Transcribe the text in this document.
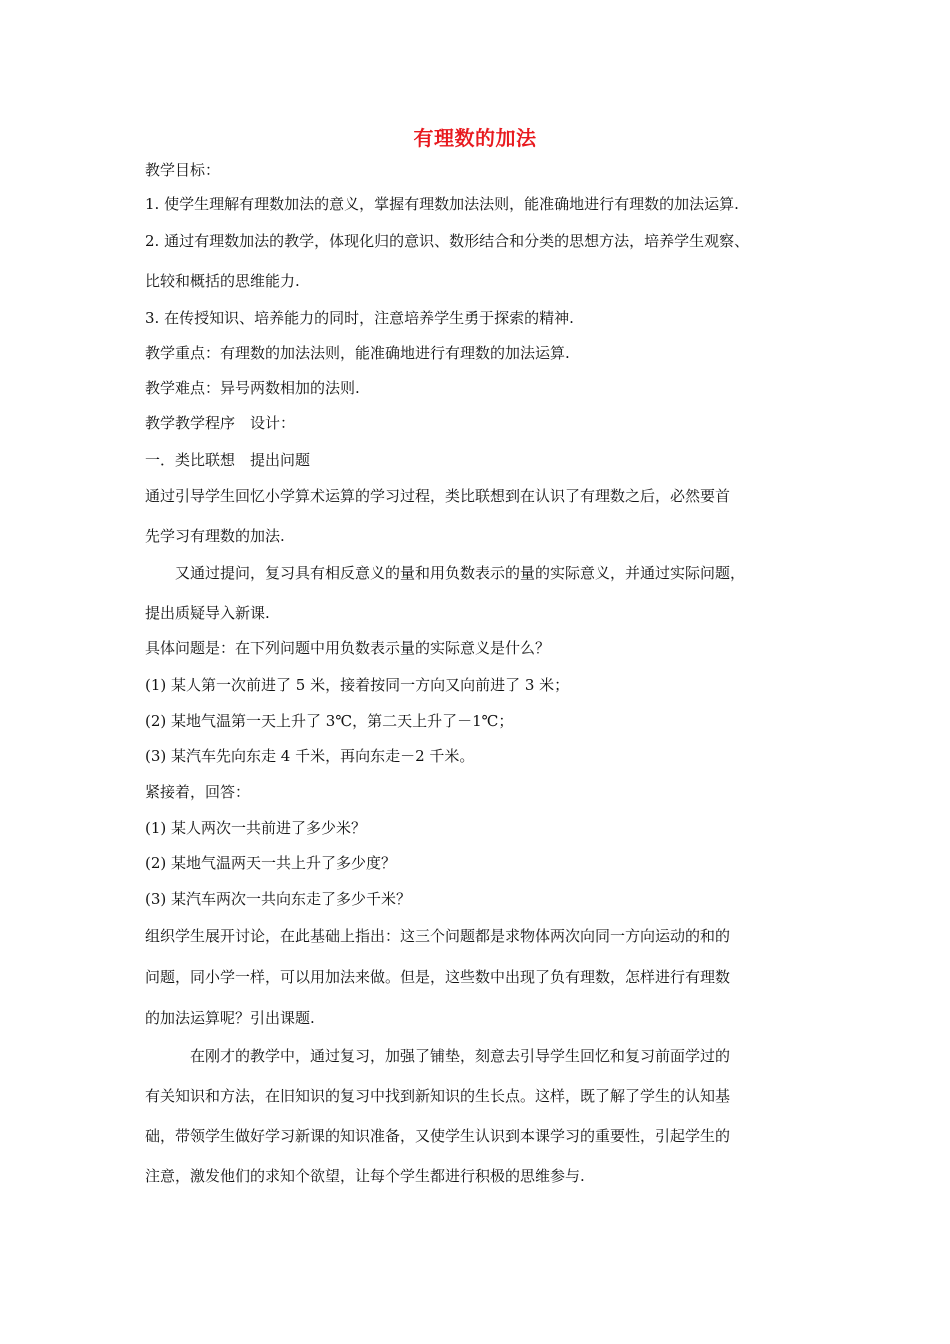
有理数的加法
教学目标：
1. 使学生理解有理数加法的意义，掌握有理数加法法则，能准确地进行有理数的加法运算.
2. 通过有理数加法的教学，体现化归的意识、数形结合和分类的思想方法，培养学生观察、
比较和概括的思维能力.
3. 在传授知识、培养能力的同时，注意培养学生勇于探索的精神.
教学重点：有理数的加法法则，能准确地进行有理数的加法运算.
教学难点：异号两数相加的法则.
教学教学程序　设计：
一．类比联想　提出问题
通过引导学生回忆小学算术运算的学习过程，类比联想到在认识了有理数之后，必然要首
先学习有理数的加法.
　　又通过提问，复习具有相反意义的量和用负数表示的量的实际意义，并通过实际问题，
提出质疑导入新课.
具体问题是：在下列问题中用负数表示量的实际意义是什么？
(1) 某人第一次前进了 5 米，接着按同一方向又向前进了 3 米；
(2) 某地气温第一天上升了 3℃，第二天上升了－1℃；
(3) 某汽车先向东走 4 千米，再向东走－2 千米。
紧接着，回答：
(1) 某人两次一共前进了多少米？
(2) 某地气温两天一共上升了多少度？
(3) 某汽车两次一共向东走了多少千米？
组织学生展开讨论，在此基础上指出：这三个问题都是求物体两次向同一方向运动的和的
问题，同小学一样，可以用加法来做。但是，这些数中出现了负有理数，怎样进行有理数
的加法运算呢？引出课题.
　　　在刚才的教学中，通过复习，加强了铺垫，刻意去引导学生回忆和复习前面学过的
有关知识和方法，在旧知识的复习中找到新知识的生长点。这样，既了解了学生的认知基
础，带领学生做好学习新课的知识准备，又使学生认识到本课学习的重要性，引起学生的
注意，激发他们的求知个欲望，让每个学生都进行积极的思维参与.
